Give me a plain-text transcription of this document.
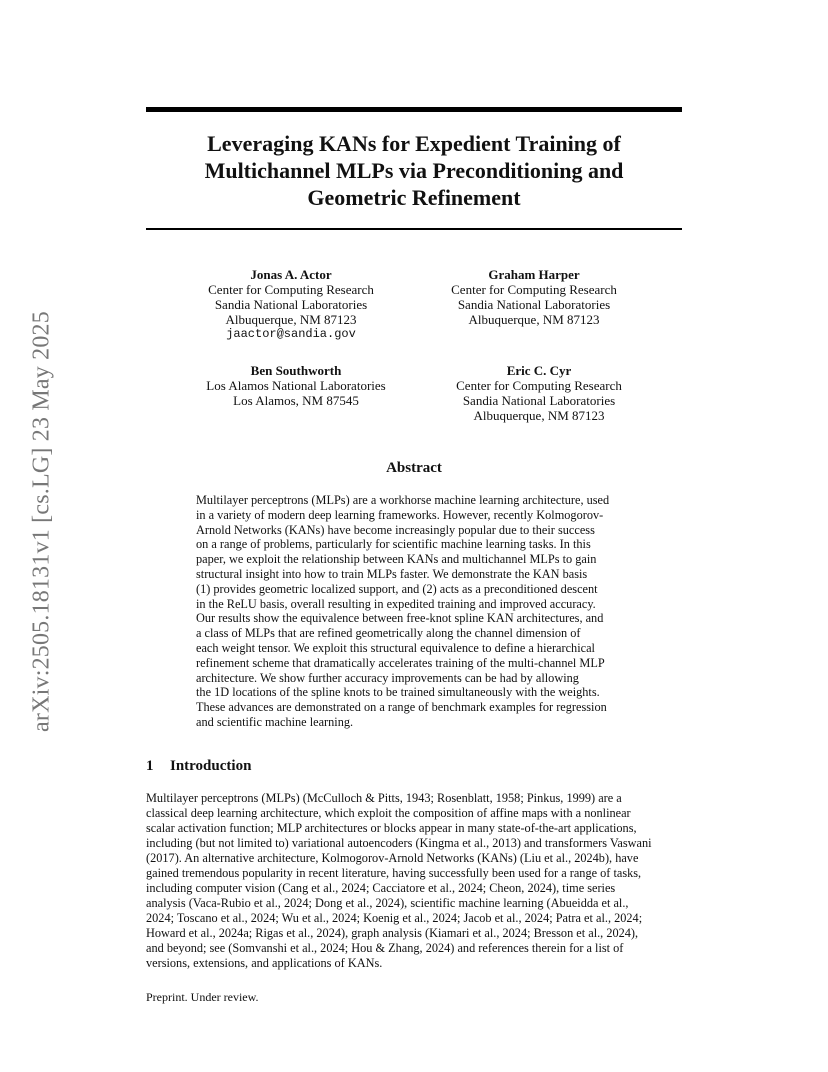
arXiv:2505.18131v1 [cs.LG] 23 May 2025
Leveraging KANs for Expedient Training of
Multichannel MLPs via Preconditioning and
Geometric Refinement
Jonas A. Actor
Center for Computing Research
Sandia National Laboratories
Albuquerque, NM 87123
jaactor@sandia.gov
Graham Harper
Center for Computing Research
Sandia National Laboratories
Albuquerque, NM 87123
Ben Southworth
Los Alamos National Laboratories
Los Alamos, NM 87545
Eric C. Cyr
Center for Computing Research
Sandia National Laboratories
Albuquerque, NM 87123
Abstract

Multilayer perceptrons (MLPs) are a workhorse machine learning architecture, used
in a variety of modern deep learning frameworks. However, recently Kolmogorov-
Arnold Networks (KANs) have become increasingly popular due to their success
on a range of problems, particularly for scientific machine learning tasks. In this
paper, we exploit the relationship between KANs and multichannel MLPs to gain
structural insight into how to train MLPs faster. We demonstrate the KAN basis
(1) provides geometric localized support, and (2) acts as a preconditioned descent
in the ReLU basis, overall resulting in expedited training and improved accuracy.
Our results show the equivalence between free-knot spline KAN architectures, and
a class of MLPs that are refined geometrically along the channel dimension of
each weight tensor. We exploit this structural equivalence to define a hierarchical
refinement scheme that dramatically accelerates training of the multi-channel MLP
architecture. We show further accuracy improvements can be had by allowing
the 1D locations of the spline knots to be trained simultaneously with the weights.
These advances are demonstrated on a range of benchmark examples for regression
and scientific machine learning.

1 Introduction

Multilayer perceptrons (MLPs) (McCulloch & Pitts, 1943; Rosenblatt, 1958; Pinkus, 1999) are a
classical deep learning architecture, which exploit the composition of affine maps with a nonlinear
scalar activation function; MLP architectures or blocks appear in many state-of-the-art applications,
including (but not limited to) variational autoencoders (Kingma et al., 2013) and transformers Vaswani
(2017). An alternative architecture, Kolmogorov-Arnold Networks (KANs) (Liu et al., 2024b), have
gained tremendous popularity in recent literature, having successfully been used for a range of tasks,
including computer vision (Cang et al., 2024; Cacciatore et al., 2024; Cheon, 2024), time series
analysis (Vaca-Rubio et al., 2024; Dong et al., 2024), scientific machine learning (Abueidda et al.,
2024; Toscano et al., 2024; Wu et al., 2024; Koenig et al., 2024; Jacob et al., 2024; Patra et al., 2024;
Howard et al., 2024a; Rigas et al., 2024), graph analysis (Kiamari et al., 2024; Bresson et al., 2024),
and beyond; see (Somvanshi et al., 2024; Hou & Zhang, 2024) and references therein for a list of
versions, extensions, and applications of KANs.

Preprint. Under review.
